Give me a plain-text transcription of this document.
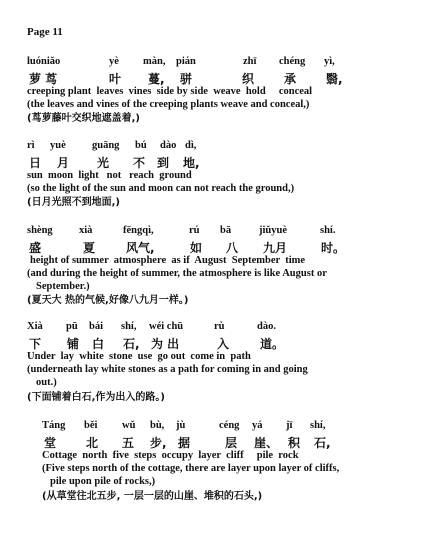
Page 11
luóniǎo	yè màn, pián	zhī chéng yì,
萝 茑	叶 蔓, 骈	织 承 翳,
creeping plant  leaves  vines  side by side  weave  hold     conceal
(the leaves and vines of the creeping plants weave and conceal,)
(茑萝藤叶交织地遮盖着,)
rì yuè	guāng bú dào dì,
日 月 光 不 到 地,
sun  moon  light   not   reach  ground
(so the light of the sun and moon can not reach the ground,)
(日月光照不到地面,)
shèng	xià	fēngqì,	rú bā	jiǔyuè	shí.
盛	夏	风气,	如 八 九月	时。
height of summer  atmosphere  as if  August  September  time
(and during the height of summer, the atmosphere is like August or
September.)
(夏天大 热的气候,好像八九月一样。)
Xià pū bái shí, wéi chū	rù	dào.
下 铺 白 石, 为 出	入	道。
Under  lay  white  stone  use  go out  come in  path
(underneath lay white stones as a path for coming in and going
out.)
(下面铺着白石,作为出入的路。)
Táng běi wǔ bù, jù	céng yá jī shí,
堂 北 五 步, 据	层 崖、 积 石,
Cottage  north  five  steps  occupy  layer  cliff     pile  rock
(Five steps north of the cottage, there are layer upon layer of cliffs,
pile upon pile of rocks,)
(从草堂往北五步, 一层一层的山崖、堆积的石头,)
